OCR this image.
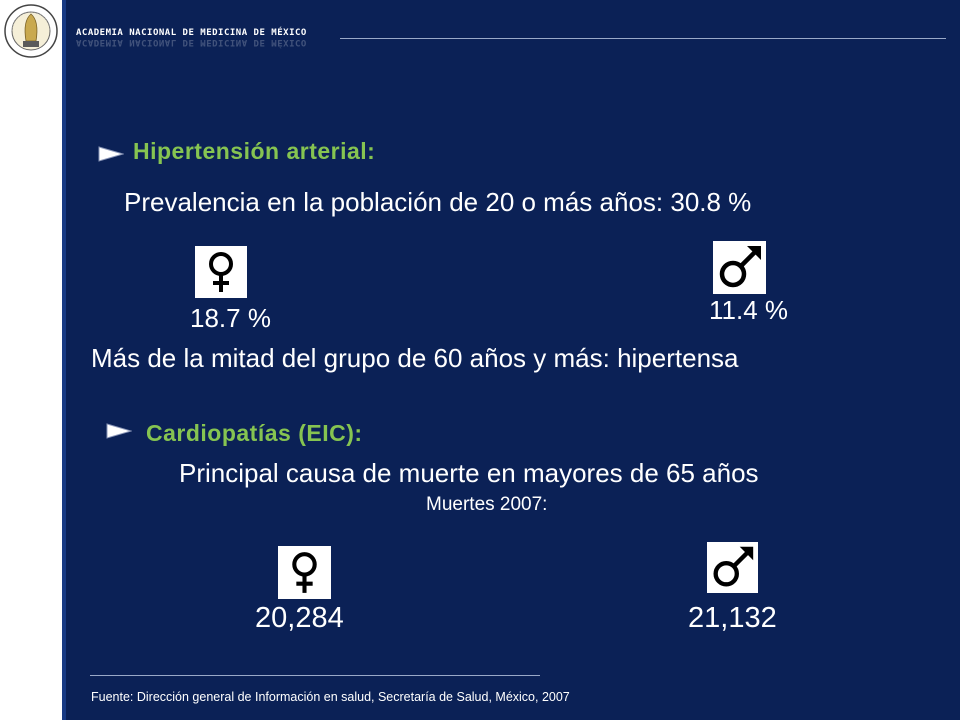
ACADEMIA NACIONAL DE MEDICINA DE MÉXICO
ACADEMIA NACIONAL DE MEDICINA DE MÉXICO
Hipertensión arterial:
Prevalencia en la población de 20 o más años: 30.8 %
18.7 %	11.4 %
Más de la mitad del grupo de 60 años y más: hipertensa
Cardiopatías (EIC):
Principal causa de muerte en mayores de 65 años
Muertes 2007:
20,284	21,132
Fuente: Dirección general de Información en salud, Secretaría de Salud, México, 2007
